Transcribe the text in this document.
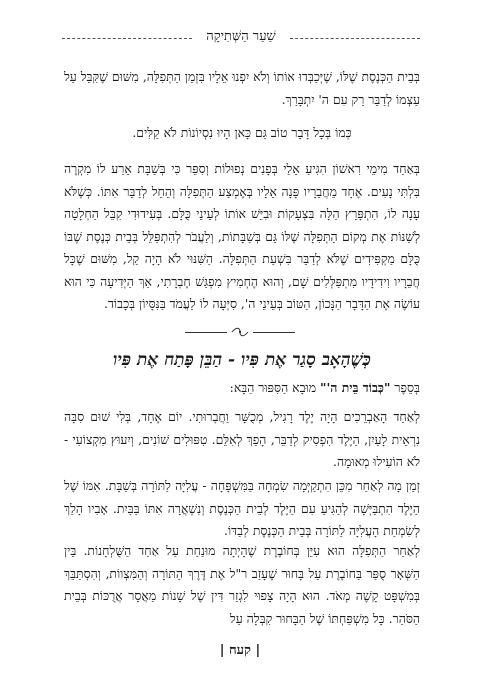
שַׁעַר הַשְּׁתִיקָה

בְּבֵית הַכְּנֶסֶת שֶׁלּוֹ, שֶׁיְּכַבְּדוּ אוֹתוֹ וְלֹא יִפְנוּ אֵלָיו בִּזְמַן הַתְּפִלָּה, מִשּׁוּם שֶׁקִּבֵּל עַל עַצְמוֹ לְדַבֵּר רַק עִם ה' יִתְבָּרַךְ.

כְּמוֹ בְּכָל דָּבָר טוֹב גַּם כָּאן הָיוּ נִסְיוֹנוֹת לֹא קַלִּים.

בְּאַחַד מִימֵי רִאשׁוֹן הִגִּיעַ אֵלַי בְּפָנִים נְפוּלוֹת וְסִפֵּר כִּי בְּשַׁבָּת אֵרַע לוֹ מִקְרֶה בִּלְתִּי נָעִים. אֶחָד מֵחֲבֵרָיו פָּנָה אֵלָיו בְּאֶמְצַע הַתְּפִלָּה וְהֵחֵל לְדַבֵּר אִתּוֹ. כְּשֶׁלֹּא עָנָה לוֹ, הִתְפָּרֵץ הַלָּה בִּצְעָקוֹת וּבִיֵּשׁ אוֹתוֹ לְעֵינֵי כֻּלָּם. בְּעִידוּדִי קִבֵּל הַחְלָטָה לְשַׁנּוֹת אֶת מְקוֹם הַתְּפִלָּה שֶׁלּוֹ גַּם בְּשַׁבָּתוֹת, וְלַעֲבֹר לְהִתְפַּלֵּל בְּבֵית כְּנֶסֶת שֶׁבּוֹ כֻּלָּם מַקְפִּידִים שֶׁלֹּא לְדַבֵּר בִּשְׁעַת הַתְּפִלָּה. הַשִּׁנּוּי לֹא הָיָה קַל, מִשּׁוּם שֶׁכָּל חֲבֵרָיו וִידִידָיו מִתְפַּלְּלִים שָׁם, וְהוּא הֶחְמִיץ מִפְגַּשׁ חֶבְרָתִי, אַךְ הַיְּדִיעָה כִּי הוּא עוֹשֶׂה אֶת הַדָּבָר הַנָּכוֹן, הַטּוֹב בְּעֵינֵי ה', סִיְּעָה לוֹ לַעֲמֹד בַּנִּסָּיוֹן בְּכָבוֹד.

כְּשֶׁהָאָב סָגַר אֶת פִּיו - הַבֵּן פָּתַח אֶת פִּיו
בְּסֵפֶר "כְּבוֹד בֵּית ה'" מוּבָא הַסִּפּוּר הַבָּא:

לְאַחַד הָאַבְרֵכִים הָיָה יֶלֶד רָגִיל, מְכֻשָּׁר וַחֲבְרוּתִי. יוֹם אֶחָד, בְּלִי שׁוּם סִבָּה נִרְאֵית לָעַיִן, הַיֶּלֶד הִפְסִיק לְדַבֵּר, הָפַךְ לְאִלֵּם. טִפּוּלִים שׁוֹנִים, וְיִעוּץ מִקְצוֹעִי - לֹא הוֹעִילוּ מְאוּמָה.

זְמַן מָה לְאַחַר מִכֵּן הִתְקַיְּמָה שִׂמְחָה בַּמִּשְׁפָּחָה - עֲלִיָּה לַתּוֹרָה בְּשַׁבָּת. אִמּוֹ שֶׁל הַיֶּלֶד הִתְבַּיְּשָׁה לְהַגִּיעַ עִם הַיֶּלֶד לְבֵית הַכְּנֶסֶת וְנִשְׁאֲרָה אִתּוֹ בַּבַּיִת. אָבִיו הָלַךְ לְשִׂמְחַת הָעֲלִיָּה לַתּוֹרָה בְּבֵית הַכְּנֶסֶת לְבַדּוֹ.

לְאַחַר הַתְּפִלָּה הוּא עִיֵּן בְּחוֹבֶרֶת שֶׁהָיְתָה מוּנַחַת עַל אַחַד הַשֻּׁלְחָנוֹת. בֵּין הַשְּׁאָר סֻפַּר בַּחוֹבֶרֶת עַל בָּחוּר שֶׁעָזַב ר"ל אֶת דֶּרֶךְ הַתּוֹרָה וְהַמִּצְווֹת, וְהִסְתַּבֵּךְ בְּמִשְׁפָּט קָשֶׁה מְאֹד. הוּא הָיָה צָפוּי לִגְזַר דִּין שֶׁל שָׁנוֹת מַאֲסָר אֲרֻכּוֹת בְּבֵית הַסֹּהַר. כָּל מִשְׁפַּחְתּוֹ שֶׁל הַבָּחוּר קִבְּלָה עַל

| קעח |
